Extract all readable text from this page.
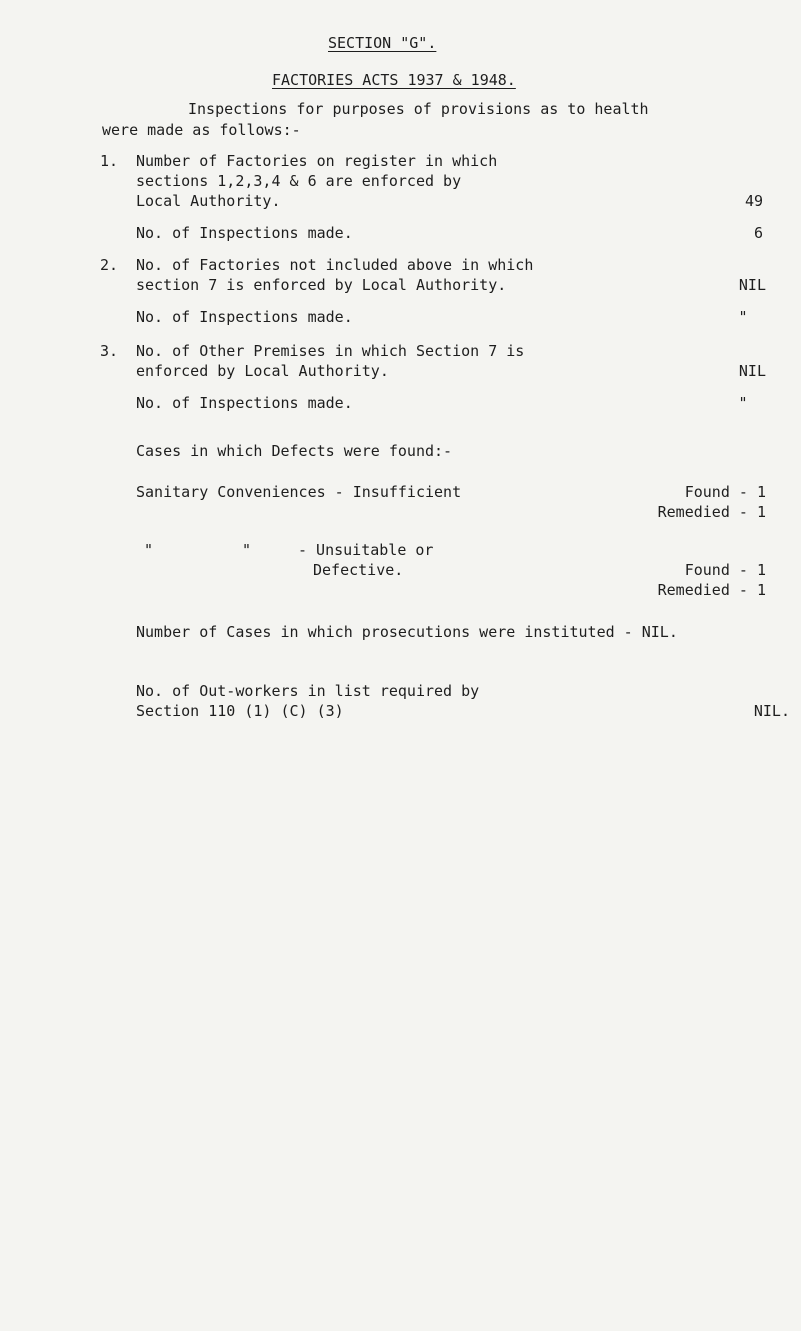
SECTION "G".
FACTORIES ACTS 1937 & 1948.
Inspections for purposes of provisions as to health
were made as follows:-
1. Number of Factories on register in which
sections 1,2,3,4 & 6 are enforced by
Local Authority.	49
No. of Inspections made.	6
2. No. of Factories not included above in which
section 7 is enforced by Local Authority.	NIL
No. of Inspections made.	"
3. No. of Other Premises in which Section 7 is
enforced by Local Authority.	NIL
No. of Inspections made.	"
Cases in which Defects were found:-
Sanitary Conveniences - Insufficient	Found - 1
Remedied - 1
"	"	- Unsuitable or
Defective.	Found - 1
Remedied - 1
Number of Cases in which prosecutions were instituted - NIL.
No. of Out-workers in list required by
Section 110 (1) (C) (3)	NIL.
